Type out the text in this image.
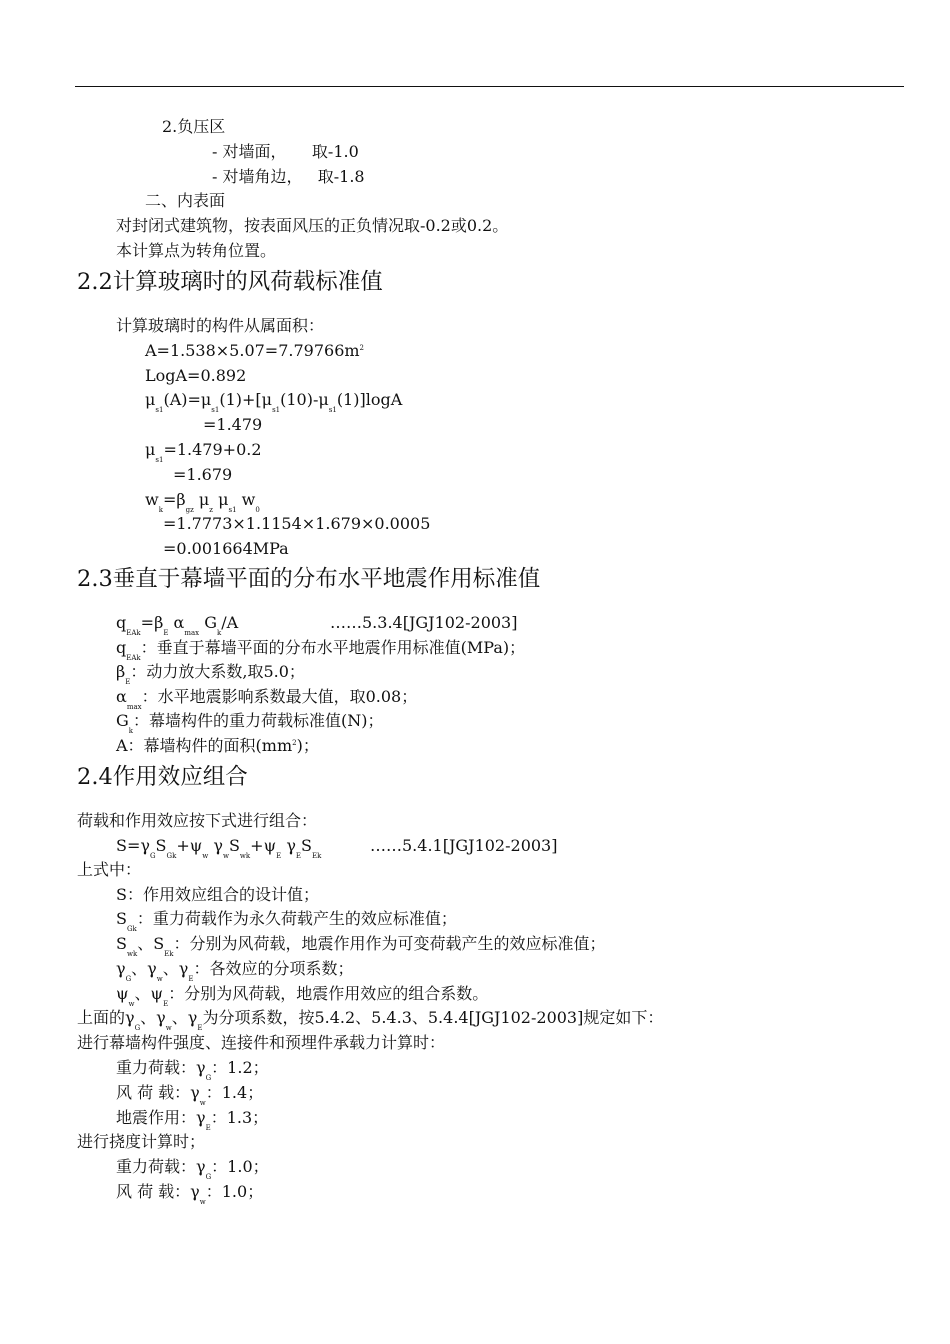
2.负压区
- 对墙面，     取-1.0
- 对墙角边，   取-1.8
二、内表面
对封闭式建筑物，按表面风压的正负情况取-0.2或0.2。
本计算点为转角位置。
2.2计算玻璃时的风荷载标准值
计算玻璃时的构件从属面积：
$A=1.538\times 5.07=7.79766m^2$
LogA=0.892
$\mu_{s1}(A)=\mu_{s1}(1)+[\mu_{s1}(10)-\mu_{s1}(1)]\log A$
=1.479
$\mu_{s1}=1.479+0.2$
=1.679
$w_k=\beta_{gz}$ $\mu_z$ $\mu_{s1}$ $w_0$
=1.7773×1.1154×1.679×0.0005
=0.001664MPa
2.3垂直于幕墙平面的分布水平地震作用标准值
$q_{EAk}=\beta_E$ $\alpha_{max}$ $G_k/A$	……5.3.4[JGJ102-2003]
$q_{EAk}$：垂直于幕墙平面的分布水平地震作用标准值(MPa)；
$\beta_E$：动力放大系数,取5.0；
$\alpha_{max}$：水平地震影响系数最大值，取0.08；
$G_k$：幕墙构件的重力荷载标准值(N)；
A：幕墙构件的面积$(mm^2)$；
2.4作用效应组合
荷载和作用效应按下式进行组合：
$S=\gamma_GS_{Gk}+\psi_w$ $\gamma_wS_{wk}+\psi_E$ $\gamma_ES_{Ek}$
……5.4.1[JGJ102-2003]
上式中：
S：作用效应组合的设计值；
$S_{Gk}$：重力荷载作为永久荷载产生的效应标准值；
$S_{wk}$、$S_{Ek}$：分别为风荷载，地震作用作为可变荷载产生的效应标准值；
$\gamma_G$、$\gamma_w$、$\gamma_E$：各效应的分项系数；
$\psi_w$、$\psi_E$：分别为风荷载，地震作用效应的组合系数。
上面的$\gamma_G$、$\gamma_w$、$\gamma_E$为分项系数，按5.4.2、5.4.3、5.4.4[JGJ102-2003]规定如下：
进行幕墙构件强度、连接件和预埋件承载力计算时：
重力荷载：$\gamma_G$：1.2；
风 荷 载：$\gamma_w$：1.4；
地震作用：$\gamma_E$：1.3；
进行挠度计算时；
重力荷载：$\gamma_G$：1.0；
风 荷 载：$\gamma_w$：1.0；
